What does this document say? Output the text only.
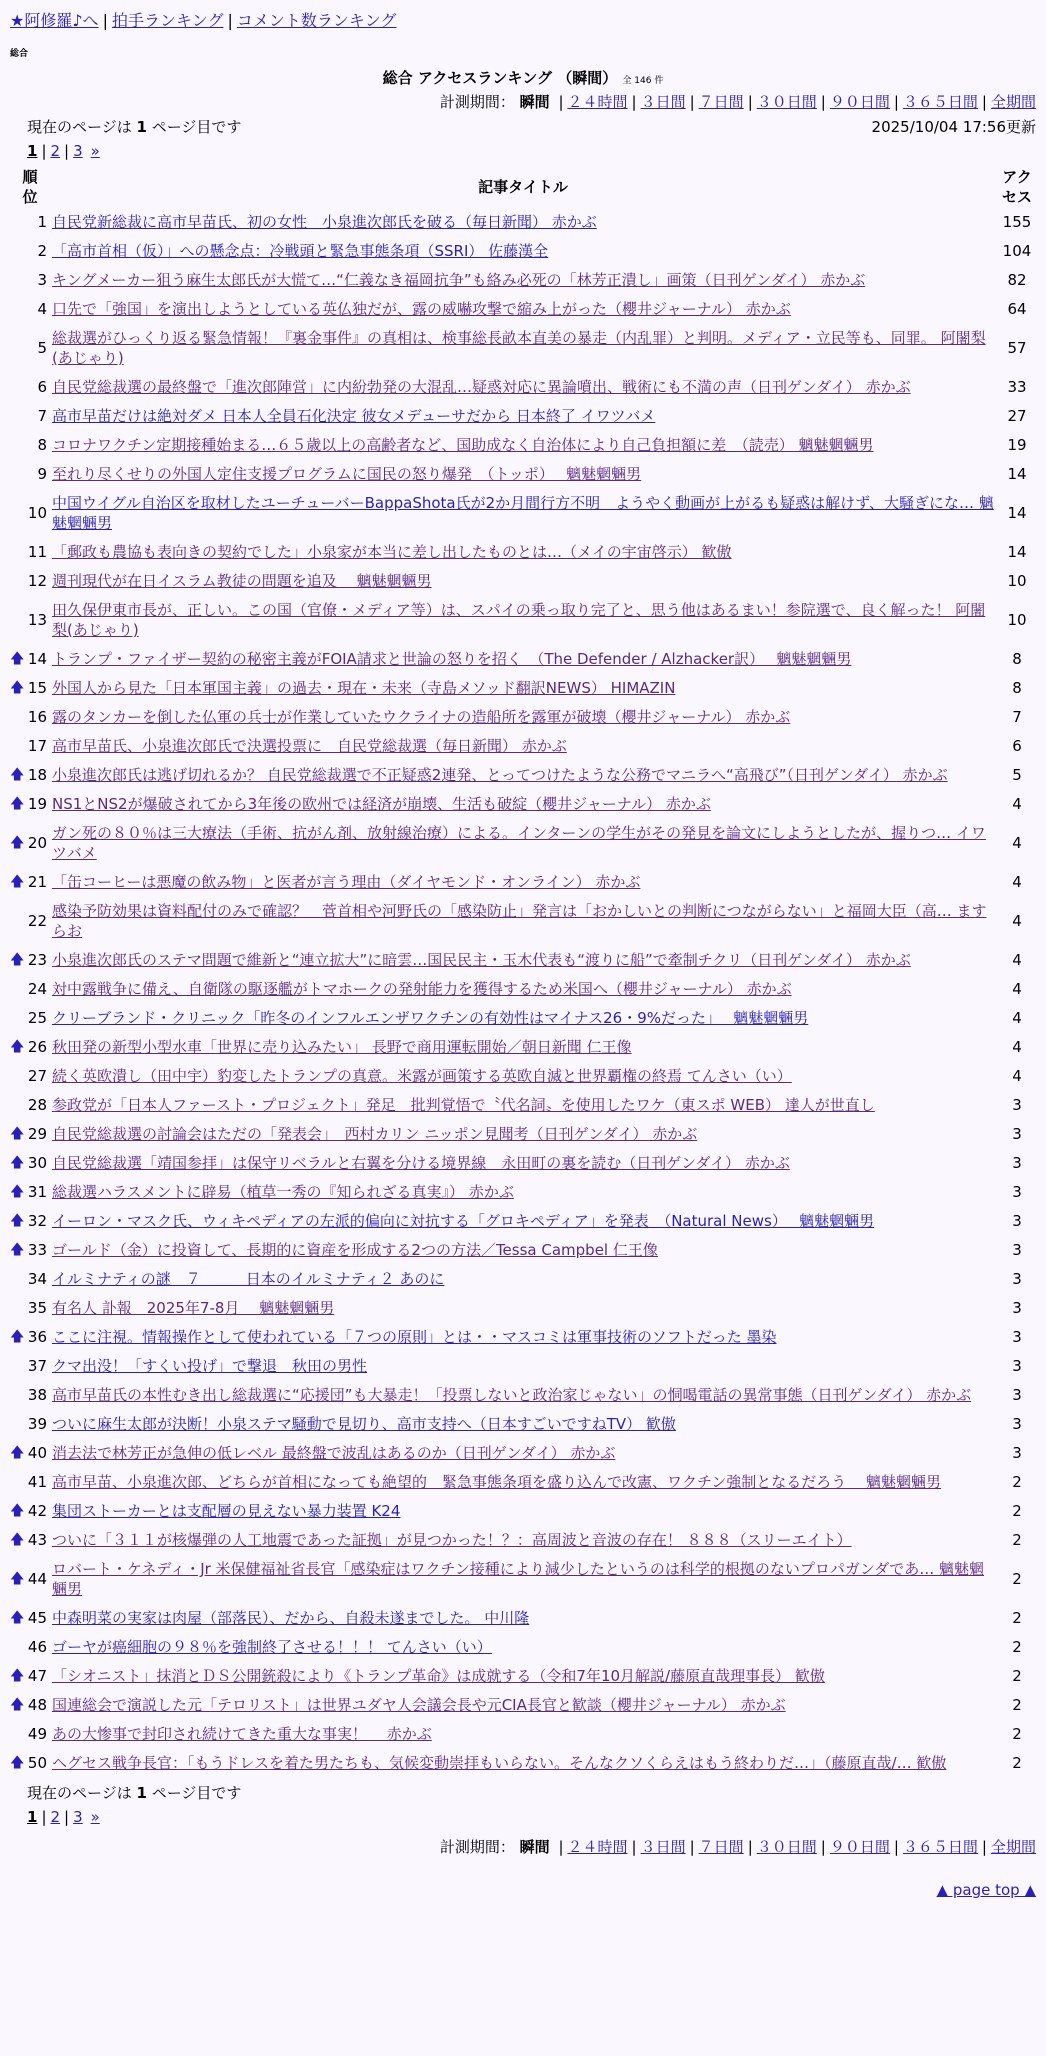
★阿修羅♪へ | 拍手ランキング | コメント数ランキング
総合
総合 アクセスランキング （瞬間） 全 146 件
計測期間： 瞬間 | ２４時間 | ３日間 | ７日間 | ３０日間 | ９０日間 | ３６５日間 | 全期間
現在のページは 1 ページ目です	2025/10/04 17:56更新
1 | 2 | 3 »
順位		記事タイトル	アクセス
	1	自民党新総裁に高市早苗氏、初の女性　小泉進次郎氏を破る（毎日新聞） 赤かぶ	155
	2	「高市首相（仮）」への懸念点：冷戦頭と緊急事態条項（SSRI） 佐藤漢全	104
	3	キングメーカー狙う麻生太郎氏が大慌て…“仁義なき福岡抗争”も絡み必死の「林芳正潰し」画策（日刊ゲンダイ） 赤かぶ	82
	4	口先で「強国」を演出しようとしている英仏独だが、露の威嚇攻撃で縮み上がった（櫻井ジャーナル） 赤かぶ	64
	5	総裁選がひっくり返る緊急情報！『裏金事件』の真相は、検事総長畝本直美の暴走（内乱罪）と判明。メディア・立民等も、同罪。 阿闍梨(あじゃり)	57
	6	自民党総裁選の最終盤で「進次郎陣営」に内紛勃発の大混乱…疑惑対応に異論噴出、戦術にも不満の声（日刊ゲンダイ） 赤かぶ	33
	7	高市早苗だけは絶対ダメ 日本人全員石化決定 彼女メデューサだから 日本終了 イワツバメ	27
	8	コロナワクチン定期接種始まる…６５歳以上の高齢者など、国助成なく自治体により自己負担額に差　（読売） 魑魅魍魎男	19
	9	至れり尽くせりの外国人定住支援プログラムに国民の怒り爆発　（トッポ）　 魑魅魍魎男	14
	10	中国ウイグル自治区を取材したユーチューバーBappaShota氏が2か月間行方不明　ようやく動画が上がるも疑惑は解けず、大騒ぎにな… 魑魅魍魎男	14
	11	「郵政も農協も表向きの契約でした」小泉家が本当に差し出したものとは…（メイの宇宙啓示） 歓傲	14
	12	週刊現代が在日イスラム教徒の問題を追及　 魑魅魍魎男	10
	13	田久保伊東市長が、正しい。この国（官僚・メディア等）は、スパイの乗っ取り完了と、思う他はあるまい！参院選で、良く解った！ 阿闍梨(あじゃり)	10
🡅	14	トランプ・ファイザー契約の秘密主義がFOIA請求と世論の怒りを招く　（The Defender / Alzhacker訳）　 魑魅魍魎男	8
🡅	15	外国人から見た「日本軍国主義」の過去・現在・未来（寺島メソッド翻訳NEWS） HIMAZIN	8
	16	露のタンカーを倒した仏軍の兵士が作業していたウクライナの造船所を露軍が破壊（櫻井ジャーナル） 赤かぶ	7
	17	高市早苗氏、小泉進次郎氏で決選投票に　自民党総裁選（毎日新聞） 赤かぶ	6
🡅	18	小泉進次郎氏は逃げ切れるか？ 自民党総裁選で不正疑惑2連発、とってつけたような公務でマニラへ“高飛び”（日刊ゲンダイ） 赤かぶ	5
🡅	19	NS1とNS2が爆破されてから3年後の欧州では経済が崩壊、生活も破綻（櫻井ジャーナル） 赤かぶ	4
🡅	20	ガン死の８０％は三大療法（手術、抗がん剤、放射線治療）による。インターンの学生がその発見を論文にしようとしたが、握りつ… イワツバメ	4
🡅	21	「缶コーヒーは悪魔の飲み物」と医者が言う理由（ダイヤモンド・オンライン） 赤かぶ	4
	22	感染予防効果は資料配付のみで確認？　菅首相や河野氏の「感染防止」発言は「おかしいとの判断につながらない」と福岡大臣（高… ますらお	4
🡅	23	小泉進次郎氏のステマ問題で維新と“連立拡大”に暗雲…国民民主・玉木代表も“渡りに船”で牽制チクリ（日刊ゲンダイ） 赤かぶ	4
	24	対中露戦争に備え、自衛隊の駆逐艦がトマホークの発射能力を獲得するため米国へ（櫻井ジャーナル） 赤かぶ	4
	25	クリーブランド・クリニック「昨冬のインフルエンザワクチンの有効性はマイナス26・9%だった」　 魑魅魍魎男	4
🡅	26	秋田発の新型小型水車「世界に売り込みたい」 長野で商用運転開始／朝日新聞 仁王像	4
	27	続く英欧潰し（田中宇）豹変したトランプの真意。米露が画策する英欧自滅と世界覇権の終焉 てんさい（い）	4
	28	参政党が「日本人ファースト・プロジェクト」発足　批判覚悟で〝代名詞〟を使用したワケ（東スポ WEB） 達人が世直し	3
🡅	29	自民党総裁選の討論会はただの「発表会」　西村カリン ニッポン見聞考（日刊ゲンダイ） 赤かぶ	3
🡅	30	自民党総裁選「靖国参拝」は保守リベラルと右翼を分ける境界線　永田町の裏を読む（日刊ゲンダイ） 赤かぶ	3
🡅	31	総裁選ハラスメントに辟易（植草一秀の『知られざる真実』） 赤かぶ	3
🡅	32	イーロン・マスク氏、ウィキペディアの左派的偏向に対抗する「グロキペディア」を発表　（Natural News）　 魑魅魍魎男	3
🡅	33	ゴールド（金）に投資して、長期的に資産を形成する2つの方法／Tessa Campbel 仁王像	3
	34	イルミナティの謎　７　　　日本のイルミナティ２ あのに	3
	35	有名人 訃報　2025年7-8月　 魑魅魍魎男	3
🡅	36	ここに注視。情報操作として使われている「７つの原則」とは・・マスコミは軍事技術のソフトだった 墨染	3
	37	クマ出没！「すくい投げ」で撃退　秋田の男性	3
	38	高市早苗氏の本性むき出し総裁選に“応援団”も大暴走！「投票しないと政治家じゃない」の恫喝電話の異常事態（日刊ゲンダイ） 赤かぶ	3
	39	ついに麻生太郎が決断！小泉ステマ騒動で見切り、高市支持へ（日本すごいですねTV） 歓傲	3
🡅	40	消去法で林芳正が急伸の低レベル 最終盤で波乱はあるのか（日刊ゲンダイ） 赤かぶ	3
	41	高市早苗、小泉進次郎、どちらが首相になっても絶望的　緊急事態条項を盛り込んで改憲、ワクチン強制となるだろう　 魑魅魍魎男	2
🡅	42	集団ストーカーとは支配層の見えない暴力装置 K24	2
🡅	43	ついに「３１１が核爆弾の人工地震であった証拠」が見つかった！？：高周波と音波の存在！ ８８８（スリーエイト）	2
🡅	44	ロバート・ケネディ・Jr 米保健福祉省長官「感染症はワクチン接種により減少したというのは科学的根拠のないプロパガンダであ… 魑魅魍魎男	2
🡅	45	中森明菜の実家は肉屋（部落民）、だから、自殺未遂までした。 中川隆	2
	46	ゴーヤが癌細胞の９８％を強制終了させる！！！ てんさい（い）	2
🡅	47	「シオニスト」抹消とＤＳ公開銃殺により《トランプ革命》は成就する（令和7年10月解説/藤原直哉理事長） 歓傲	2
🡅	48	国連総会で演説した元「テロリスト」は世界ユダヤ人会議会長や元CIA長官と歓談（櫻井ジャーナル） 赤かぶ	2
	49	あの大惨事で封印され続けてきた重大な事実！　 赤かぶ	2
🡅	50	ヘグセス戦争長官：「もうドレスを着た男たちも、気候変動崇拝もいらない。そんなクソくらえはもう終わりだ…」（藤原直哉/… 歓傲	2
現在のページは 1 ページ目です
1 | 2 | 3 »
計測期間： 瞬間 | ２４時間 | ３日間 | ７日間 | ３０日間 | ９０日間 | ３６５日間 | 全期間
▲ page top ▲
